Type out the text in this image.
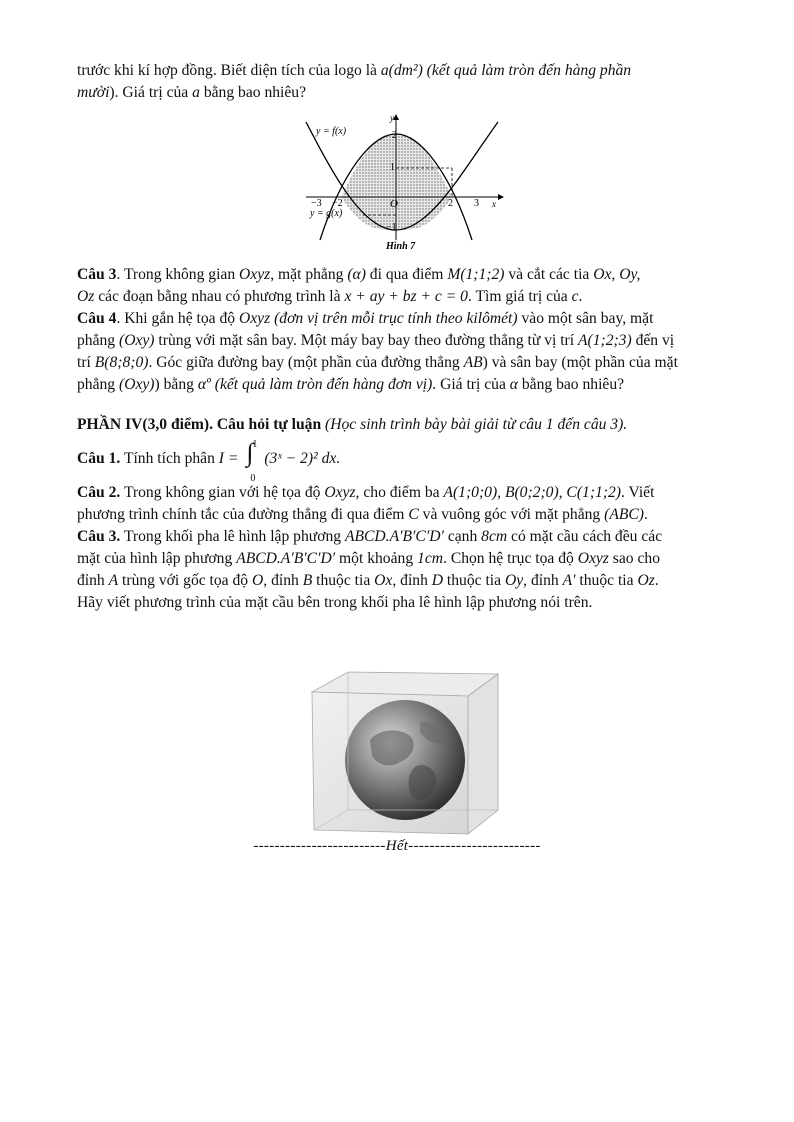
trước khi kí hợp đồng. Biết diện tích của logo là a(dm²) (kết quả làm tròn đến hàng phần
mười). Giá trị của a bằng bao nhiêu?

Câu 3. Trong không gian Oxyz, mặt phẳng (α) đi qua điểm M(1;1;2) và cắt các tia Ox, Oy,
Oz các đoạn bằng nhau có phương trình là x + ay + bz + c = 0. Tìm giá trị của c.

Câu 4. Khi gắn hệ tọa độ Oxyz (đơn vị trên mỗi trục tính theo kilômét) vào một sân bay, mặt
phẳng (Oxy) trùng với mặt sân bay. Một máy bay bay theo đường thẳng từ vị trí A(1;2;3) đến vị
trí B(8;8;0). Góc giữa đường bay (một phần của đường thẳng AB) và sân bay (một phần của mặt
phẳng (Oxy)) bằng αº (kết quả làm tròn đến hàng đơn vị). Giá trị của α bằng bao nhiêu?

PHẦN IV(3,0 điểm). Câu hỏi tự luận (Học sinh trình bày bài giải từ câu 1 đến câu 3).

Câu 1. Tính tích phân I =
1
∫
0
(3ˣ − 2)² dx.

Câu 2. Trong không gian với hệ tọa độ Oxyz, cho điểm ba A(1;0;0), B(0;2;0), C(1;1;2). Viết
phương trình chính tắc của đường thẳng đi qua điểm C và vuông góc với mặt phẳng (ABC).

Câu 3. Trong khối pha lê hình lập phương ABCD.A′B′C′D′ cạnh 8cm có mặt cầu cách đều các
mặt của hình lập phương ABCD.A′B′C′D′ một khoảng 1cm. Chọn hệ trục tọa độ Oxyz sao cho
đỉnh A trùng với gốc tọa độ O, đỉnh B thuộc tia Ox, đỉnh D thuộc tia Oy, đỉnh A′ thuộc tia Oz.
Hãy viết phương trình của mặt cầu bên trong khối pha lê hình lập phương nói trên.

y = f(x)
y = g(x)
y
x
O
−3 −2	2 3
2
1
−1
Hình 7
-------------------------Hết-------------------------
